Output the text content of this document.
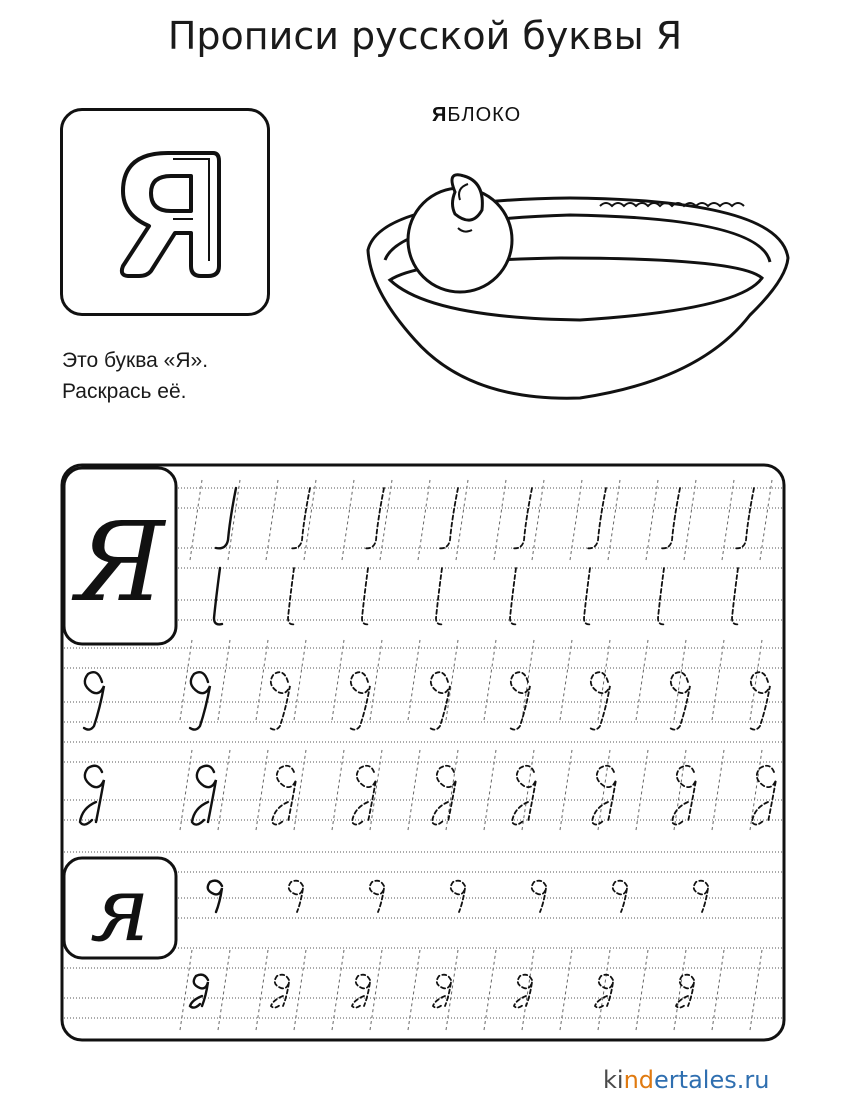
Прописи русской буквы Я
Это буква «Я».
Раскрась её.
ЯБЛОКО
Я
я
kindertales.ru
